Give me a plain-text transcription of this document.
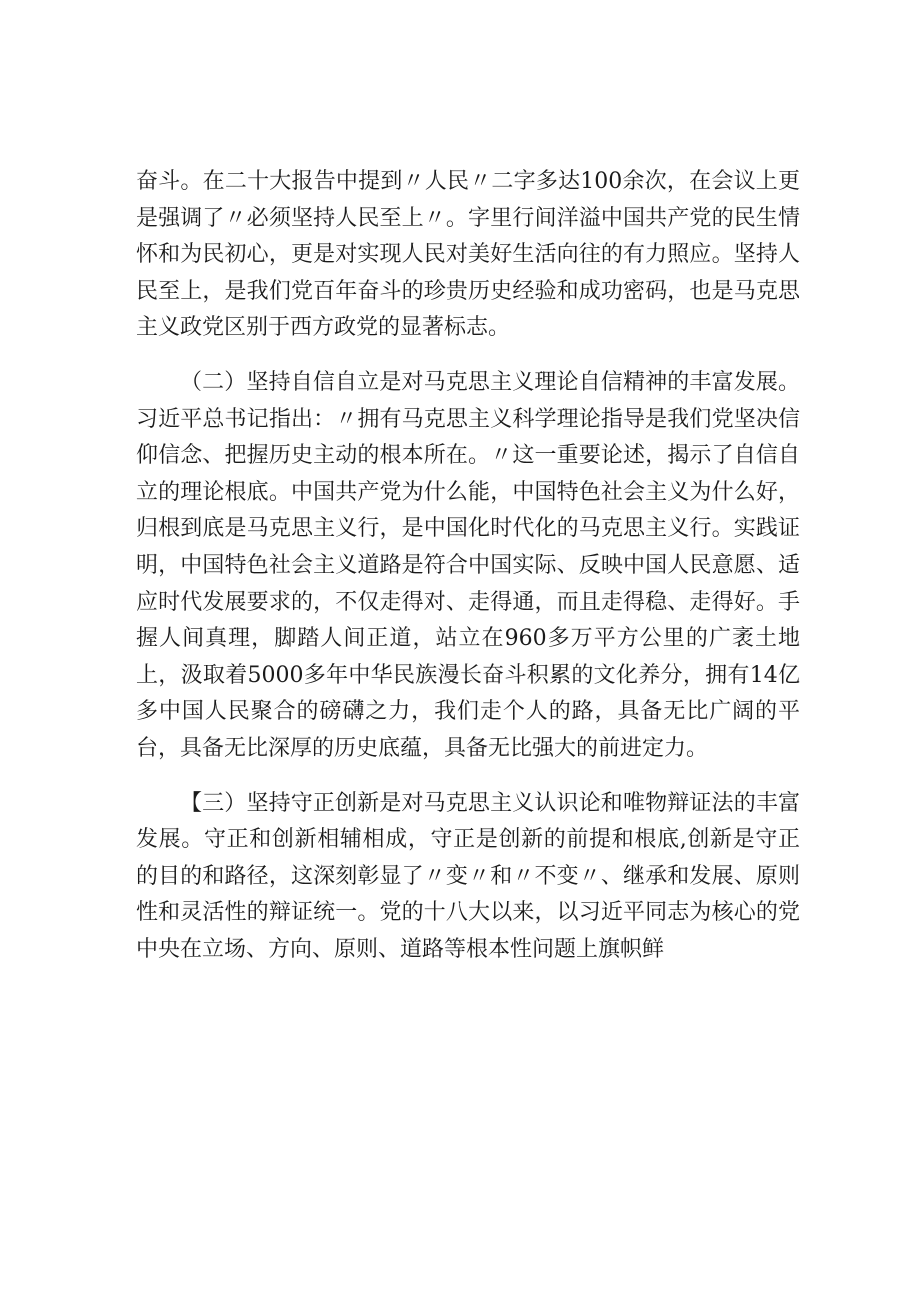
奋斗。在二十大报告中提到〃人民〃二字多达100余次，在会议上更是强调了〃必须坚持人民至上〃。字里行间洋溢中国共产党的民生情怀和为民初心，更是对实现人民对美好生活向往的有力照应。坚持人民至上，是我们党百年奋斗的珍贵历史经验和成功密码，也是马克思主义政党区别于西方政党的显著标志。

（二）坚持自信自立是对马克思主义理论自信精神的丰富发展。习近平总书记指出：〃拥有马克思主义科学理论指导是我们党坚决信仰信念、把握历史主动的根本所在。〃这一重要论述，揭示了自信自立的理论根底。中国共产党为什么能，中国特色社会主义为什么好，归根到底是马克思主义行，是中国化时代化的马克思主义行。实践证明，中国特色社会主义道路是符合中国实际、反映中国人民意愿、适应时代发展要求的，不仅走得对、走得通，而且走得稳、走得好。手握人间真理，脚踏人间正道，站立在960多万平方公里的广袤土地上，汲取着5000多年中华民族漫长奋斗积累的文化养分，拥有14亿多中国人民聚合的磅礴之力，我们走个人的路，具备无比广阔的平台，具备无比深厚的历史底蕴，具备无比强大的前进定力。

【三）坚持守正创新是对马克思主义认识论和唯物辩证法的丰富发展。守正和创新相辅相成，守正是创新的前提和根底,创新是守正的目的和路径，这深刻彰显了〃变〃和〃不变〃、继承和发展、原则性和灵活性的辩证统一。党的十八大以来，以习近平同志为核心的党中央在立场、方向、原则、道路等根本性问题上旗帜鲜
